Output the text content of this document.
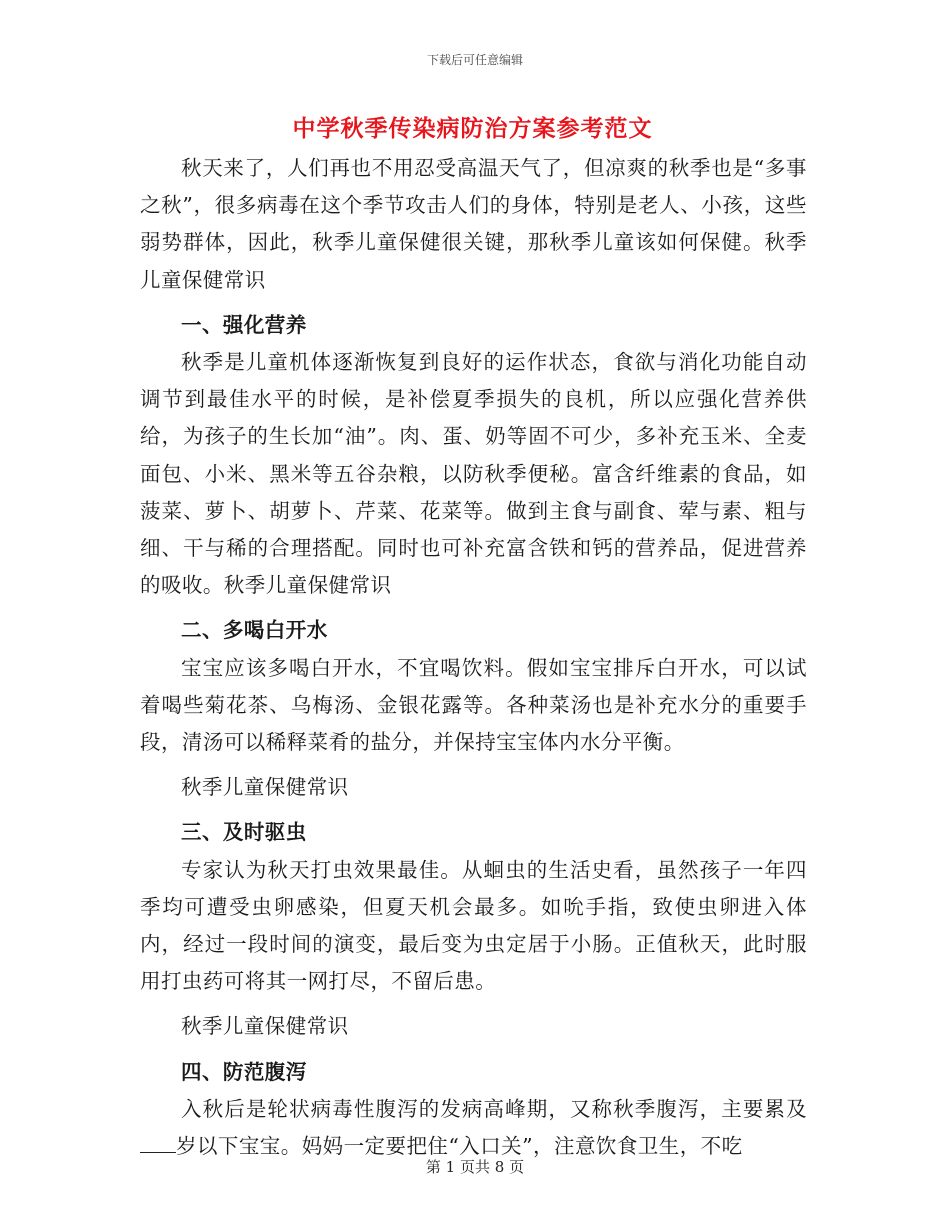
下载后可任意编辑
中学秋季传染病防治方案参考范文

秋天来了，人们再也不用忍受高温天气了，但凉爽的秋季也是“多事之秋”，很多病毒在这个季节攻击人们的身体，特别是老人、小孩，这些弱势群体，因此，秋季儿童保健很关键，那秋季儿童该如何保健。秋季儿童保健常识

一、强化营养

秋季是儿童机体逐渐恢复到良好的运作状态，食欲与消化功能自动调节到最佳水平的时候，是补偿夏季损失的良机，所以应强化营养供给，为孩子的生长加“油”。肉、蛋、奶等固不可少，多补充玉米、全麦面包、小米、黑米等五谷杂粮，以防秋季便秘。富含纤维素的食品，如菠菜、萝卜、胡萝卜、芹菜、花菜等。做到主食与副食、荤与素、粗与细、干与稀的合理搭配。同时也可补充富含铁和钙的营养品，促进营养的吸收。秋季儿童保健常识

二、多喝白开水

宝宝应该多喝白开水，不宜喝饮料。假如宝宝排斥白开水，可以试着喝些菊花茶、乌梅汤、金银花露等。各种菜汤也是补充水分的重要手段，清汤可以稀释菜肴的盐分，并保持宝宝体内水分平衡。

秋季儿童保健常识

三、及时驱虫

专家认为秋天打虫效果最佳。从蛔虫的生活史看，虽然孩子一年四季均可遭受虫卵感染，但夏天机会最多。如吮手指，致使虫卵进入体内，经过一段时间的演变，最后变为虫定居于小肠。正值秋天，此时服用打虫药可将其一网打尽，不留后患。

秋季儿童保健常识

四、防范腹泻

入秋后是轮状病毒性腹泻的发病高峰期，又称秋季腹泻，主要累及岁以下宝宝。妈妈一定要把住“入口关”，注意饮食卫生，不吃

第 1 页共 8 页
